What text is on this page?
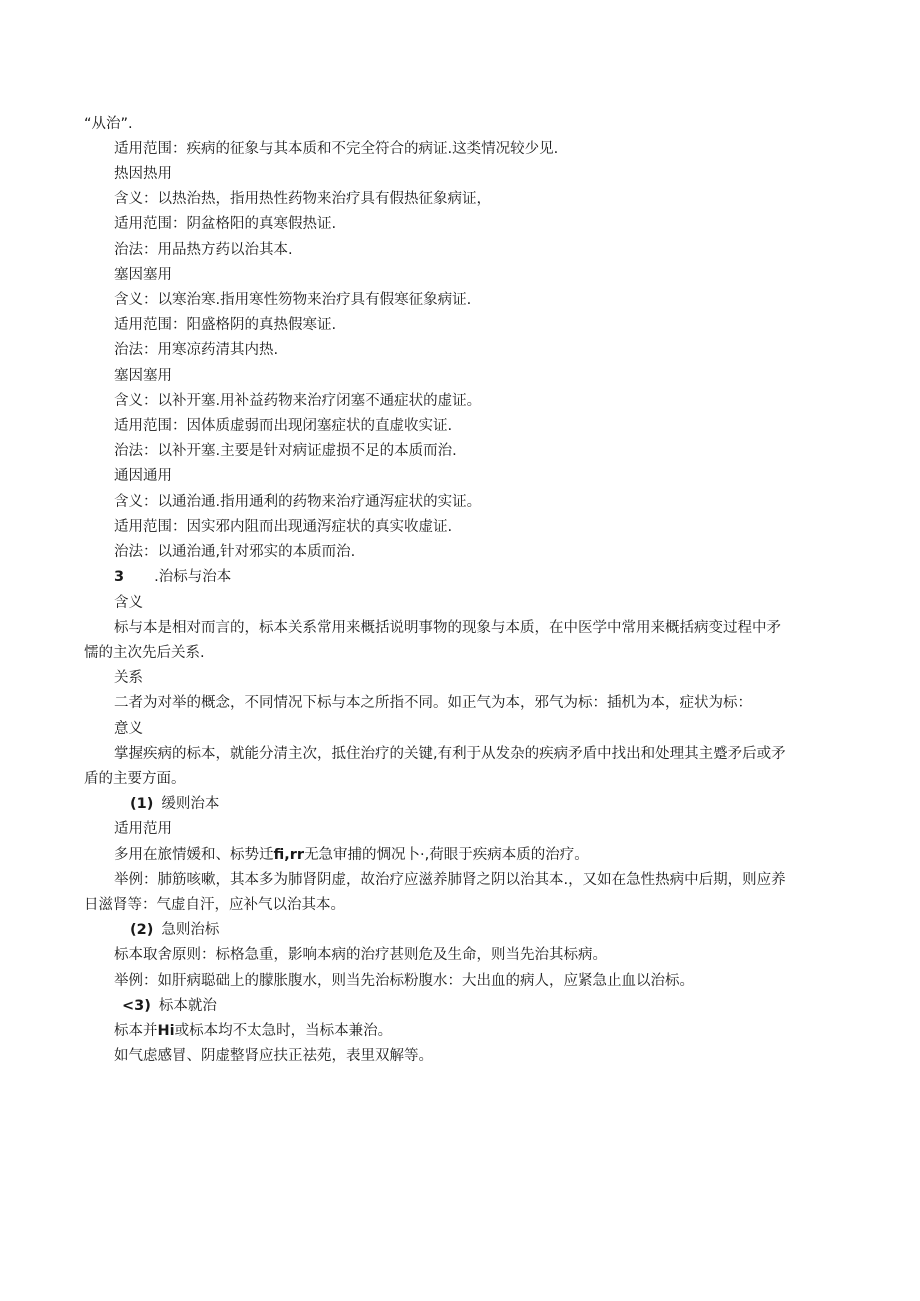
“从治”.
适用范围：疾病的征象与其本质和不完全符合的病证.这类情况较少见.
热因热用
含义：以热治热，指用热性药物来治疗具有假热征象病证，
适用范围：阴盆格阳的真寒假热证.
治法：用品热方药以治其本.
塞因塞用
含义：以寒治寒.指用寒性笏物来治疗具有假寒征象病证.
适用范围：阳盛格阴的真热假寒证.
治法：用寒凉药清其内热.
塞因塞用
含义：以补开塞.用补益药物来治疗闭塞不通症状的虚证。
适用范围：因体质虚弱而出现闭塞症状的直虚收实证.
治法：以补开塞.主要是针对病证虚损不足的本质而治.
通因通用
含义：以通治通.指用通利的药物来治疗通泻症状的实证。
适用范围：因实邪内阻而出现通泻症状的真实收虚证.
治法：以通治通,针对邪实的本质而治.
3 .治标与治本
含义
标与本是相对而言的，标本关系常用来概括说明事物的现象与本质，在中医学中常用来概括病变过程中矛
懦的主次先后关系.
关系
二者为对举的概念，不同情况下标与本之所指不同。如正气为本，邪气为标：插机为本，症状为标：
意义
掌握疾病的标本，就能分清主次，抵住治疗的关键,有利于从发杂的疾病矛盾中找出和处理其主蹙矛后或矛
盾的主要方面。
(1) 缓则治本
适用范用
多用在旅情媛和、标势迁fi,rr无急审捕的惆况卜·,荷眼于疾病本质的治疗。
举例：肺筋咳嗽，其本多为肺肾阴虚，故治疗应滋养肺肾之阴以治其本.，又如在急性热病中后期，则应养
日滋肾等：气虚自汗，应补气以治其本。
(2) 急则治标
标本取舍原则：标格急重，影响本病的治疗甚则危及生命，则当先治其标病。
举例：如肝病聪础上的朦胀腹水，则当先治标粉腹水：大出血的病人，应紧急止血以治标。
<3) 标本就治
标本并Hi或标本均不太急时，当标本兼治。
如气虑感冒、阴虚整肾应扶正祛苑，表里双解等。
